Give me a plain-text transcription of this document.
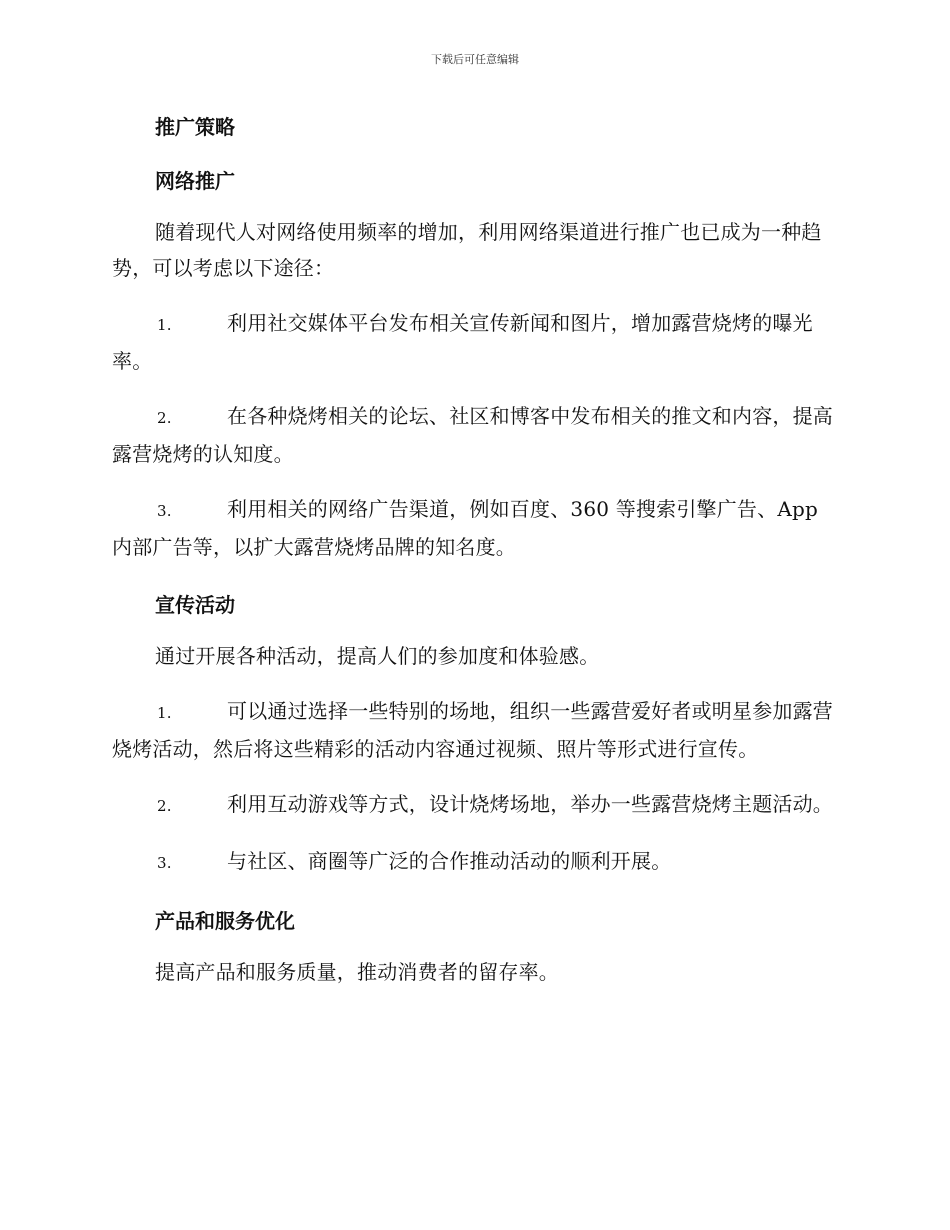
下载后可任意编辑
推广策略
网络推广

随着现代人对网络使用频率的增加，利用网络渠道进行推广也已成为一种趋势，可以考虑以下途径：

1.	利用社交媒体平台发布相关宣传新闻和图片，增加露营烧烤的曝光率。

2.	在各种烧烤相关的论坛、社区和博客中发布相关的推文和内容，提高露营烧烤的认知度。

3.	利用相关的网络广告渠道，例如百度、360 等搜索引擎广告、App 内部广告等，以扩大露营烧烤品牌的知名度。

宣传活动

通过开展各种活动，提高人们的参加度和体验感。

1.	可以通过选择一些特别的场地，组织一些露营爱好者或明星参加露营烧烤活动，然后将这些精彩的活动内容通过视频、照片等形式进行宣传。

2.	利用互动游戏等方式，设计烧烤场地，举办一些露营烧烤主题活动。

3.	与社区、商圈等广泛的合作推动活动的顺利开展。

产品和服务优化

提高产品和服务质量，推动消费者的留存率。
